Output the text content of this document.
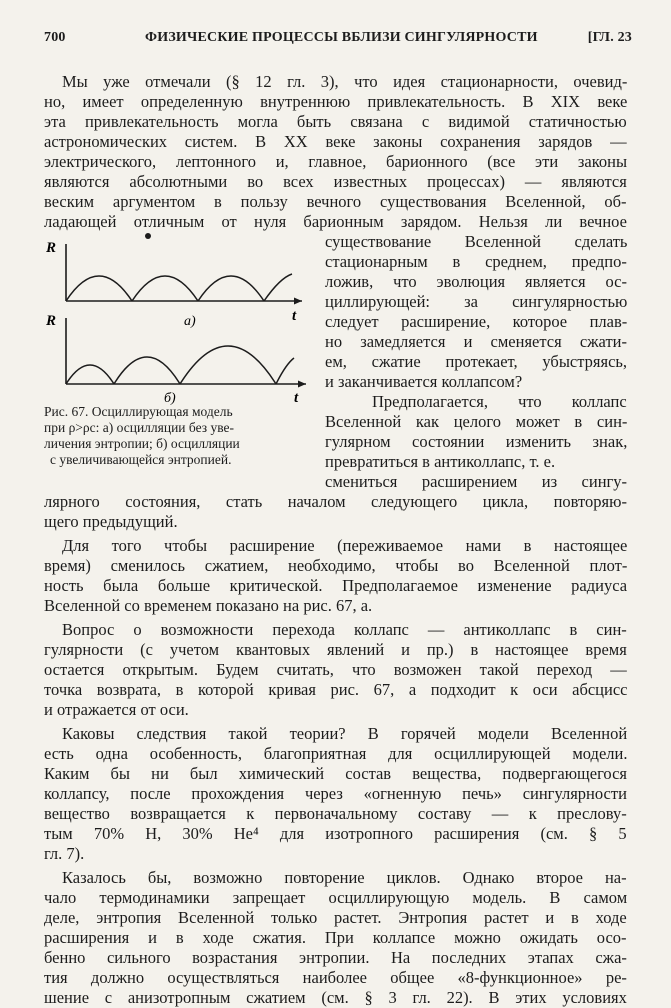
700	ФИЗИЧЕСКИЕ ПРОЦЕССЫ ВБЛИЗИ СИНГУЛЯРНОСТИ	[ГЛ. 23
Мы уже отмечали (§ 12 гл. 3), что идея стационарности, очевид-
но, имеет определенную внутреннюю привлекательность. В XIX веке
эта привлекательность могла быть связана с видимой статичностью
астрономических систем. В XX веке законы сохранения зарядов —
электрического, лептонного и, главное, барионного (все эти законы
являются абсолютными во всех известных процессах) — являются
веским аргументом в пользу вечного существования Вселенной, об-
ладающей отличным от нуля барионным зарядом. Нельзя ли вечное
существование Вселенной сделать
стационарным в среднем, предпо-
ложив, что эволюция является ос-
циллирующей: за сингулярностью
следует расширение, которое плав-
но замедляется и сменяется сжати-
ем, сжатие протекает, убыстряясь,
и заканчивается коллапсом?
Предполагается, что коллапс
Вселенной как целого может в син-
гулярном состоянии изменить знак,
превратиться в антиколлапс, т. е.
смениться расширением из сингу-
R
t
R
t
а)
б)
Рис. 67. Осциллирующая модель
при ρ>ρc: а) осцилляции без уве-
личения энтропии; б) осцилляции
с увеличивающейся энтропией.
лярного состояния, стать началом следующего цикла, повторяю-
щего предыдущий.
Для того чтобы расширение (переживаемое нами в настоящее
время) сменилось сжатием, необходимо, чтобы во Вселенной плот-
ность была больше критической. Предполагаемое изменение радиуса
Вселенной со временем показано на рис. 67, а.
Вопрос о возможности перехода коллапс — антиколлапс в син-
гулярности (с учетом квантовых явлений и пр.) в настоящее время
остается открытым. Будем считать, что возможен такой переход —
точка возврата, в которой кривая рис. 67, а подходит к оси абсцисс
и отражается от оси.
Каковы следствия такой теории? В горячей модели Вселенной
есть одна особенность, благоприятная для осциллирующей модели.
Каким бы ни был химический состав вещества, подвергающегося
коллапсу, после прохождения через «огненную печь» сингулярности
вещество возвращается к первоначальному составу — к преслову-
тым 70% H, 30% He⁴ для изотропного расширения (см. § 5
гл. 7).
Казалось бы, возможно повторение циклов. Однако второе на-
чало термодинамики запрещает осциллирующую модель. В самом
деле, энтропия Вселенной только растет. Энтропия растет и в ходе
расширения и в ходе сжатия. При коллапсе можно ожидать осо-
бенно сильного возрастания энтропии. На последних этапах сжа-
тия должно осуществляться наиболее общее «8-функционное» ре-
шение с анизотропным сжатием (см. § 3 гл. 22). В этих условиях
